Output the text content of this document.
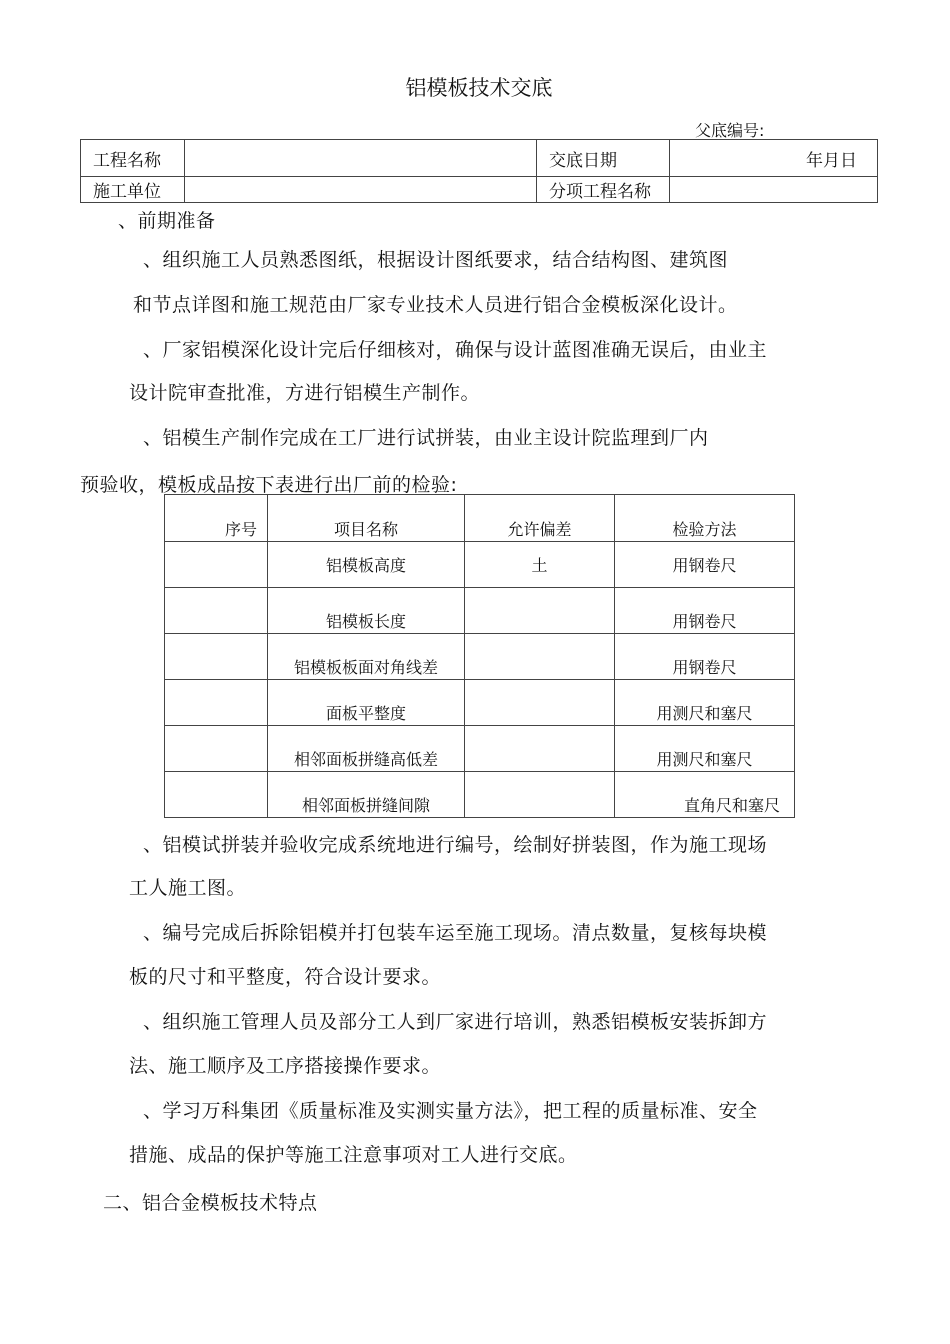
铝模板技术交底
父底编号:
工程名称		交底日期	年月日
施工单位		分项工程名称	
、前期准备
、组织施工人员熟悉图纸，根据设计图纸要求，结合结构图、建筑图
和节点详图和施工规范由厂家专业技术人员进行铝合金模板深化设计。
、厂家铝模深化设计完后仔细核对，确保与设计蓝图准确无误后，由业主
设计院审查批准，方进行铝模生产制作。
、铝模生产制作完成在工厂进行试拼装，由业主设计院监理到厂内
预验收，模板成品按下表进行出厂前的检验:
序号	项目名称	允许偏差	检验方法
	铝模板高度	土	用钢卷尺
	铝模板长度		用钢卷尺
	铝模板板面对角线差		用钢卷尺
	面板平整度		用测尺和塞尺
	相邻面板拼缝高低差		用测尺和塞尺
	相邻面板拼缝间隙		直角尺和塞尺
、铝模试拼装并验收完成系统地进行编号，绘制好拼装图，作为施工现场
工人施工图。
、编号完成后拆除铝模并打包装车运至施工现场。清点数量，复核每块模
板的尺寸和平整度，符合设计要求。
、组织施工管理人员及部分工人到厂家进行培训，熟悉铝模板安装拆卸方
法、施工顺序及工序搭接操作要求。
、学习万科集团《质量标准及实测实量方法》，把工程的质量标准、安全
措施、成品的保护等施工注意事项对工人进行交底。
二、铝合金模板技术特点
